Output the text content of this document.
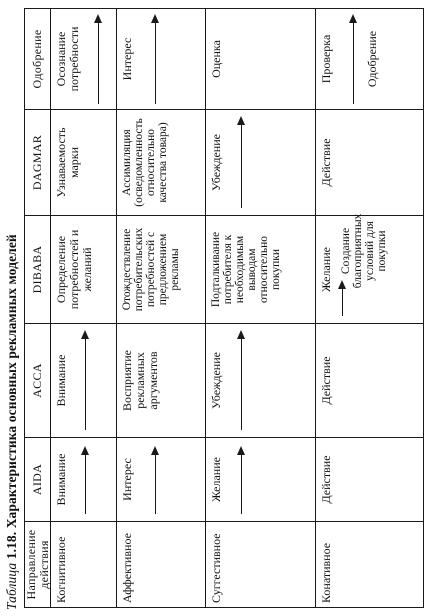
Таблица 1.18. Характеристика основных рекламных моделей
Направление действия
AIDA
ACCA
DIBABA
DAGMAR
Одобрение
Когнитивное
Внимание
Внимание
Определение потребностей и желаний
Узнаваемость марки
Осознание потребности
Аффективное
Интерес
Восприятие рекламных аргументов
Отождествление потребительских потребностей с предложением рекламы
Ассимиляция (осведомленность относительно качества товара)
Интерес
Суггестивное
Желание
Убеждение
Подталкивание потребителя к необходимым выводам относительно покупки
Убеждение
Оценка
Конативное
Действие
Действие
Желание Создание благоприятных условий для покупки
Действие
Проверка	Одобрение
